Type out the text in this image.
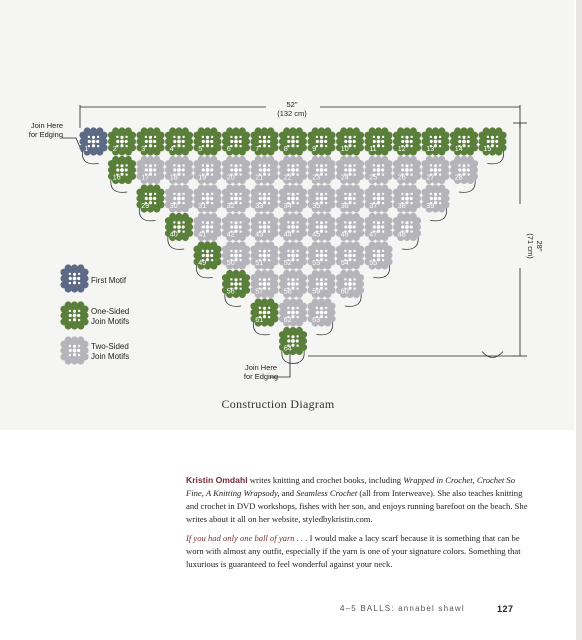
1	2	3	4	5	6	7	8	9	10	11	12	13	14	15
16	17	18	19	20	21	22	23	24	25	26	27	28
29	30	31	32	33	34	35	36	37	38	39
40	41	42	43	44	45	46	47	48
49	50	51	52	53	54	55
56	57	58	59	60
61	62	63
64
52"
(132 cm)
28"
(71 cm)
Join Here
for Edging
Join Here
for Edging
First Motif
One-Sided
Join Motifs
Two-Sided
Join Motifs
Construction Diagram

Kristin Omdahl writes knitting and crochet books, including Wrapped in Crochet, Crochet So Fine, A Knitting Wrapsody, and Seamless Crochet (all from Interweave). She also teaches knitting and crochet in DVD workshops, fishes with her son, and enjoys running barefoot on the beach. She writes about it all on her website, styledbykristin.com.

If you had only one ball of yarn . . . I would make a lacy scarf because it is something that can be worn with almost any outfit, especially if the yarn is one of your signature colors. Something that luxurious is guaranteed to feel wonderful against your neck.

4–5 BALLS: annabel shawl	127
